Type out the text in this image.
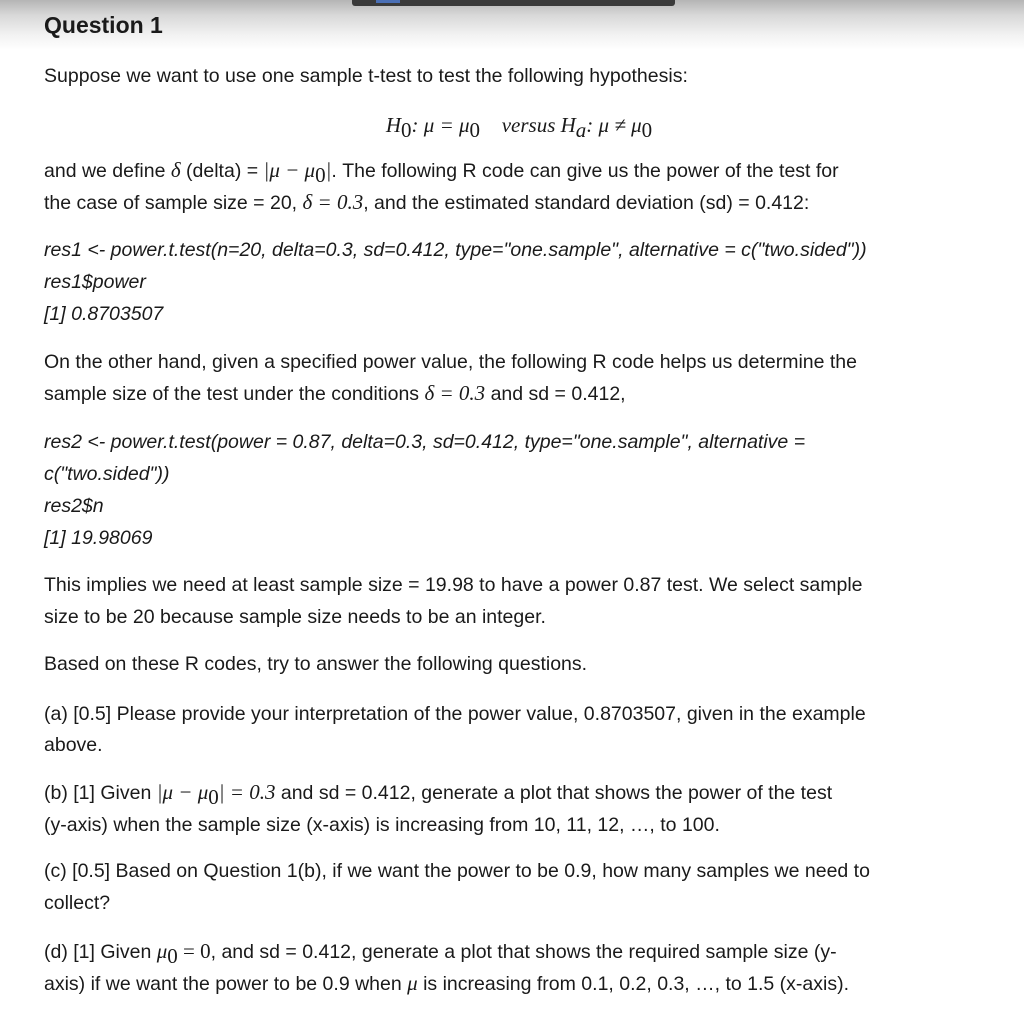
Question 1
Suppose we want to use one sample t-test to test the following hypothesis:
$H_0$: $\mu = \mu_0$ versus $H_a$: $\mu \ne \mu_0$
and we define δ (delta) = $|\mu - \mu_0|$. The following R code can give us the power of the test for
the case of sample size = 20, δ = 0.3, and the estimated standard deviation (sd) = 0.412:
res1 <- power.t.test(n=20, delta=0.3, sd=0.412, type="one.sample", alternative = c("two.sided"))
res1$power
[1] 0.8703507
On the other hand, given a specified power value, the following R code helps us determine the
sample size of the test under the conditions δ = 0.3 and sd = 0.412,
res2 <- power.t.test(power = 0.87, delta=0.3, sd=0.412, type="one.sample", alternative =
c("two.sided"))
res2$n
[1] 19.98069
This implies we need at least sample size = 19.98 to have a power 0.87 test. We select sample
size to be 20 because sample size needs to be an integer.
Based on these R codes, try to answer the following questions.
(a) [0.5] Please provide your interpretation of the power value, 0.8703507, given in the example
above.
(b) [1] Given $|\mu - \mu_0| = 0.3$ and sd = 0.412, generate a plot that shows the power of the test
(y-axis) when the sample size (x-axis) is increasing from 10, 11, 12, …, to 100.
(c) [0.5] Based on Question 1(b), if we want the power to be 0.9, how many samples we need to
collect?
(d) [1] Given $\mu_0 = 0$, and sd = 0.412, generate a plot that shows the required sample size (y-
axis) if we want the power to be 0.9 when μ is increasing from 0.1, 0.2, 0.3, …, to 1.5 (x-axis).
